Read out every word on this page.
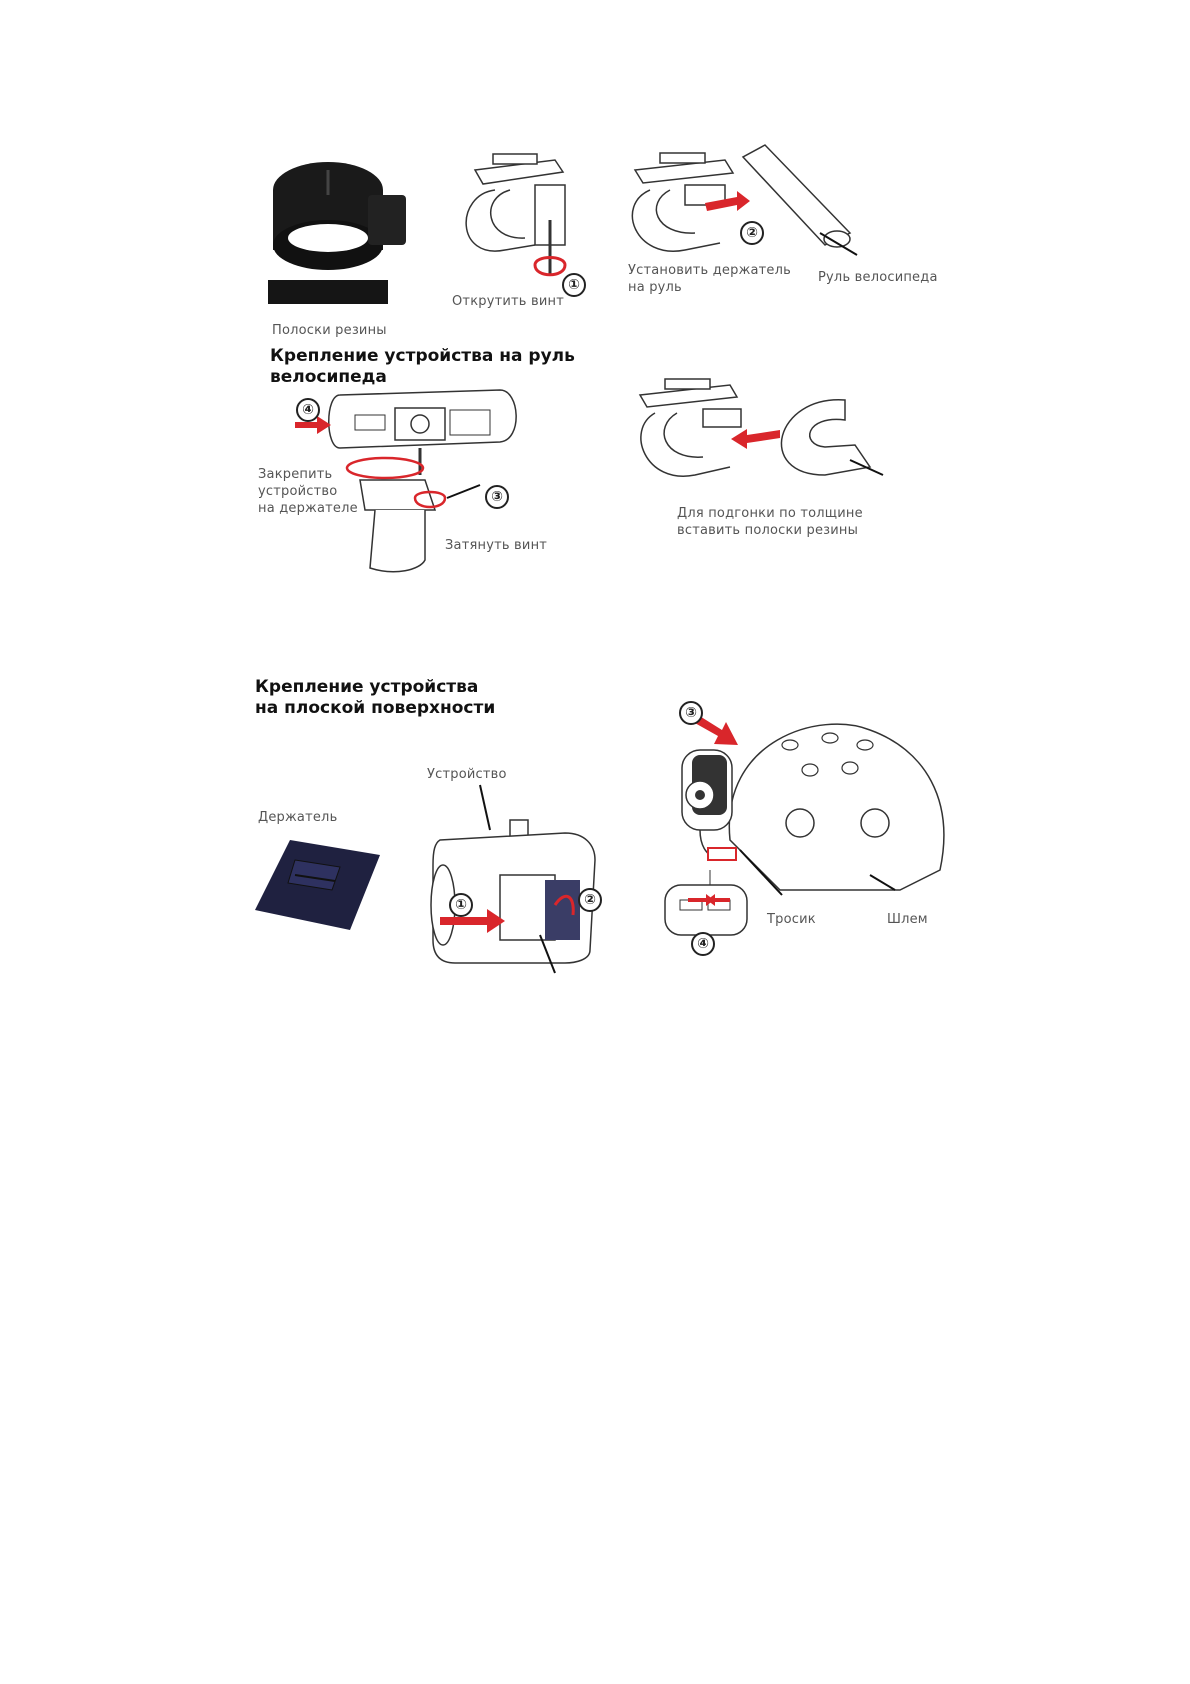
①
Открутить винт
②
Установить держатель
на руль
Руль велосипеда
Полоски резины
Крепление устройства на руль
велосипеда
④
③
Закрепить
устройство
на держателе
Затянуть винт
Для подгонки по толщине
вставить полоски резины
Крепление устройства
на плоской поверхности
Устройство
Держатель
①	②
③
④
Тросик	Шлем
